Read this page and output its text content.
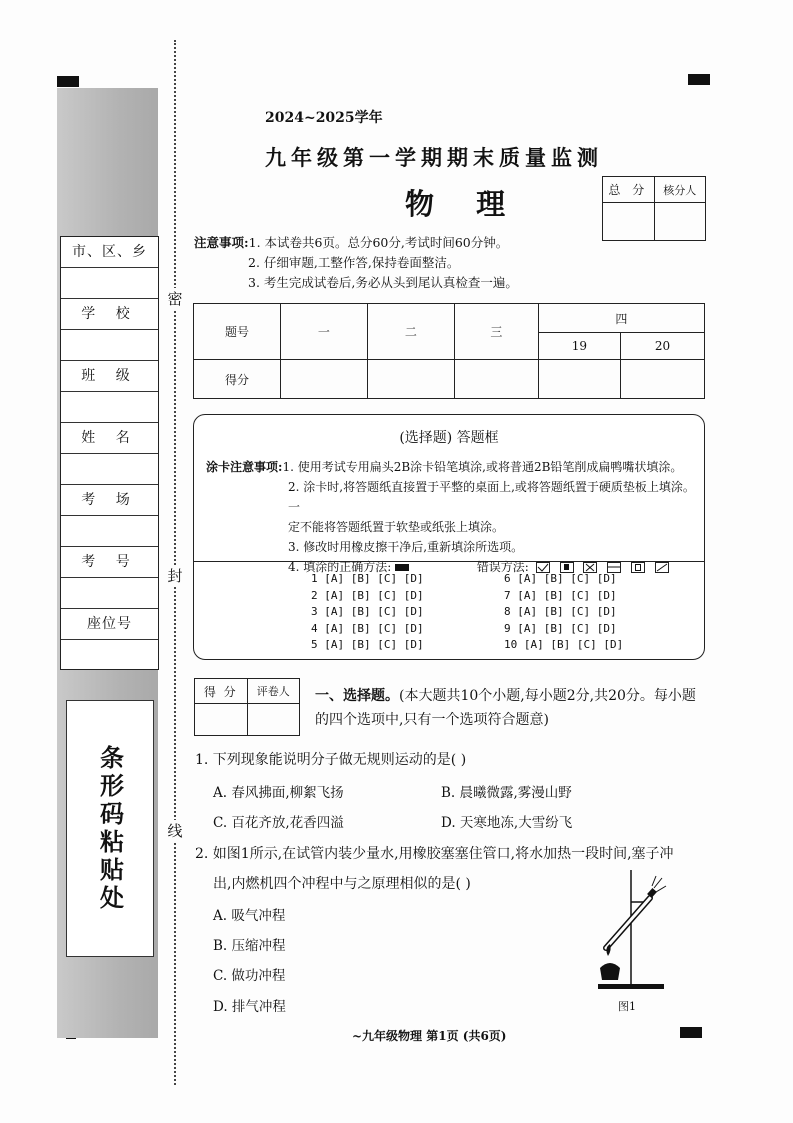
市、区、乡
学 校
班 级
姓 名
考 场
考 号
座位号
条形码粘贴处
密
封
线
2024~2025学年
九年级第一学期期末质量监测
物 理	总 分	核分人

注意事项:1. 本试卷共6页。总分60分,考试时间60分钟。
2. 仔细审题,工整作答,保持卷面整洁。
3. 考生完成试卷后,务必从头到尾认真检查一遍。
题号	一	二	三	四	
				19	20
得分					
(选择题) 答题框
涂卡注意事项:1. 使用考试专用扁头2B涂卡铅笔填涂,或将普通2B铅笔削成扁鸭嘴状填涂。
2. 涂卡时,将答题纸直接置于平整的桌面上,或将答题纸置于硬质垫板上填涂。一
定不能将答题纸置于软垫或纸张上填涂。
3. 修改时用橡皮擦干净后,重新填涂所选项。
4. 填涂的正确方法:	错误方法:

1 [A] [B] [C] [D]
2 [A] [B] [C] [D]
3 [A] [B] [C] [D]
4 [A] [B] [C] [D]
5 [A] [B] [C] [D]
6 [A] [B] [C] [D]
7 [A] [B] [C] [D]
8 [A] [B] [C] [D]
9 [A] [B] [C] [D]
10 [A] [B] [C] [D]
得 分	评卷人
	一、选择题。(本大题共10个小题,每小题2分,共20分。每小题
的四个选项中,只有一个选项符合题意)
1. 下列现象能说明分子做无规则运动的是( )
A. 春风拂面,柳絮飞扬	B. 晨曦微露,雾漫山野
C. 百花齐放,花香四溢	D. 天寒地冻,大雪纷飞
2. 如图1所示,在试管内装少量水,用橡胶塞塞住管口,将水加热一段时间,塞子冲
出,内燃机四个冲程中与之原理相似的是( )
A. 吸气冲程
B. 压缩冲程
C. 做功冲程
D. 排气冲程	图1
~九年级物理 第1页 (共6页)
